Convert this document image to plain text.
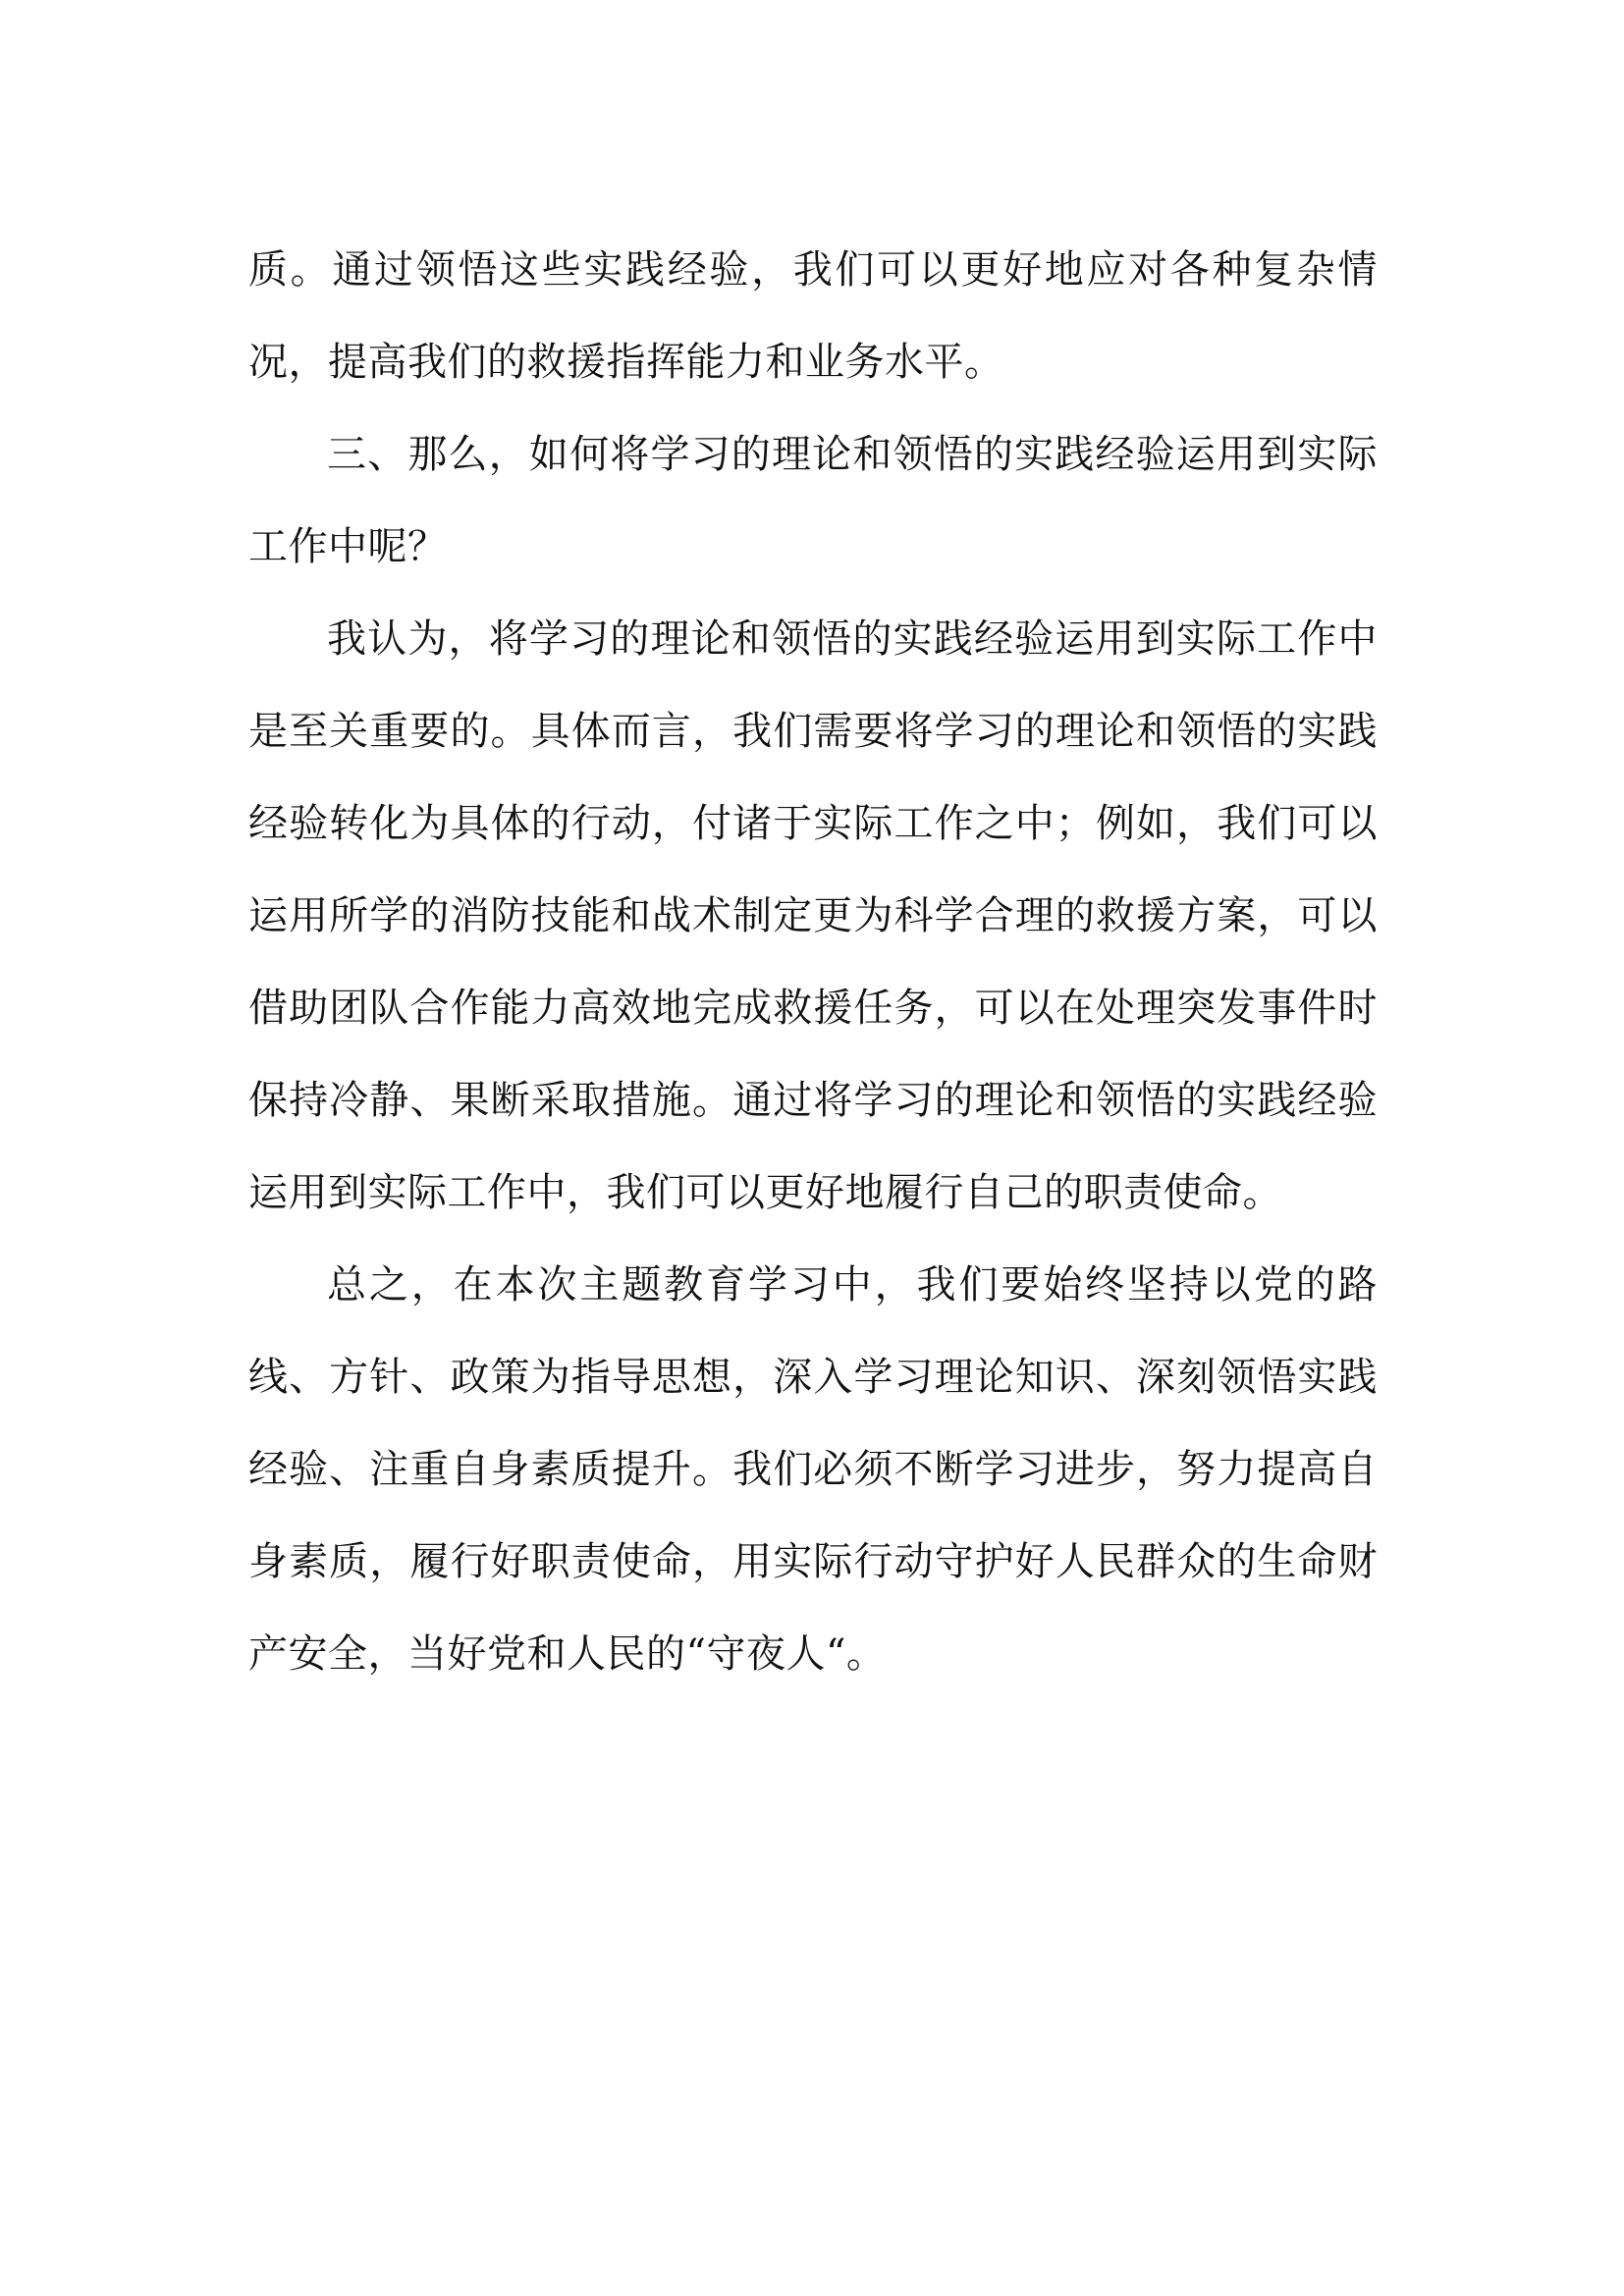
质。通过领悟这些实践经验，我们可以更好地应对各种复杂情况，提高我们的救援指挥能力和业务水平。

三、那么，如何将学习的理论和领悟的实践经验运用到实际工作中呢？

我认为，将学习的理论和领悟的实践经验运用到实际工作中是至关重要的。具体而言，我们需要将学习的理论和领悟的实践经验转化为具体的行动，付诸于实际工作之中；例如，我们可以运用所学的消防技能和战术制定更为科学合理的救援方案，可以借助团队合作能力高效地完成救援任务，可以在处理突发事件时保持冷静、果断采取措施。通过将学习的理论和领悟的实践经验运用到实际工作中，我们可以更好地履行自己的职责使命。

总之，在本次主题教育学习中，我们要始终坚持以党的路线、方针、政策为指导思想，深入学习理论知识、深刻领悟实践经验、注重自身素质提升。我们必须不断学习进步，努力提高自身素质，履行好职责使命，用实际行动守护好人民群众的生命财产安全，当好党和人民的“守夜人“。
